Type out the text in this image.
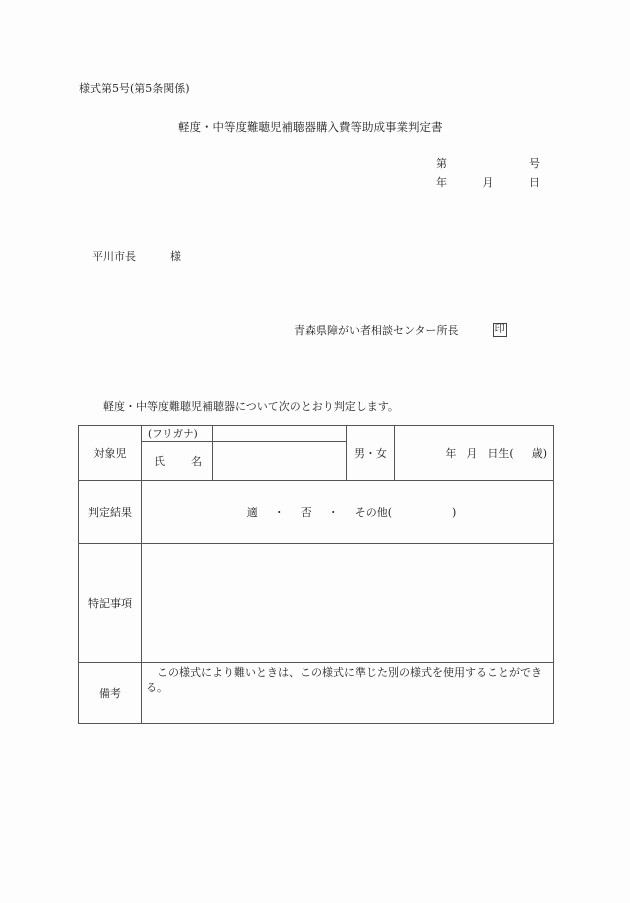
様式第5号(第5条関係)
軽度・中等度難聴児補聴器購入費等助成事業判定書
第	号
年	月	日
平川市長	様
青森県障がい者相談センター所長	印
軽度・中等度難聴児補聴器について次のとおり判定します。
対象児	(フリガナ)		男・女	年 月 日生( 歳)
	氏 名			
判定結果	適 ・ 否 ・ その他( )			
特記事項				
備考	　この様式により難いときは、この様式に準じた別の様式を使用することができる。			
